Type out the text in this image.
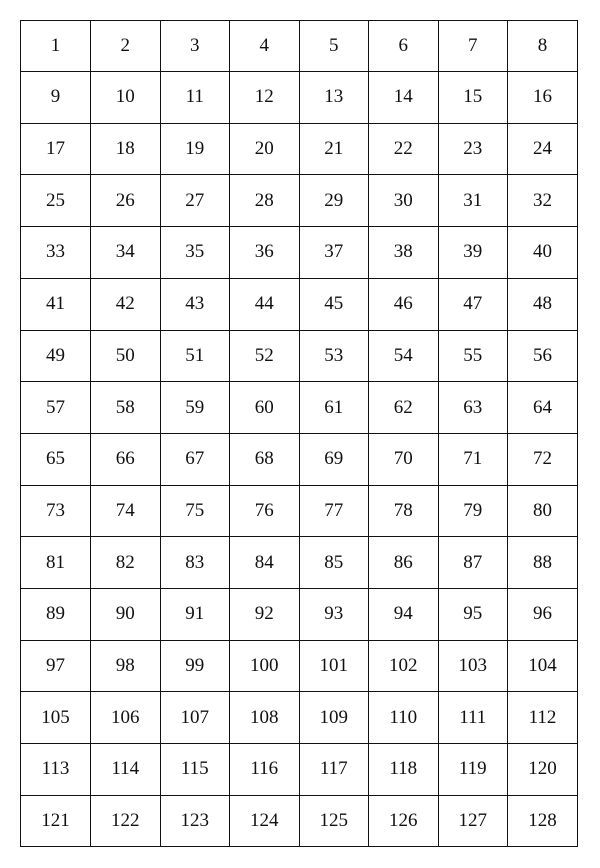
1	2	3	4	5	6	7	8
9	10	11	12	13	14	15	16
17	18	19	20	21	22	23	24
25	26	27	28	29	30	31	32
33	34	35	36	37	38	39	40
41	42	43	44	45	46	47	48
49	50	51	52	53	54	55	56
57	58	59	60	61	62	63	64
65	66	67	68	69	70	71	72
73	74	75	76	77	78	79	80
81	82	83	84	85	86	87	88
89	90	91	92	93	94	95	96
97	98	99	100	101	102	103	104
105	106	107	108	109	110	111	112
113	114	115	116	117	118	119	120
121	122	123	124	125	126	127	128
